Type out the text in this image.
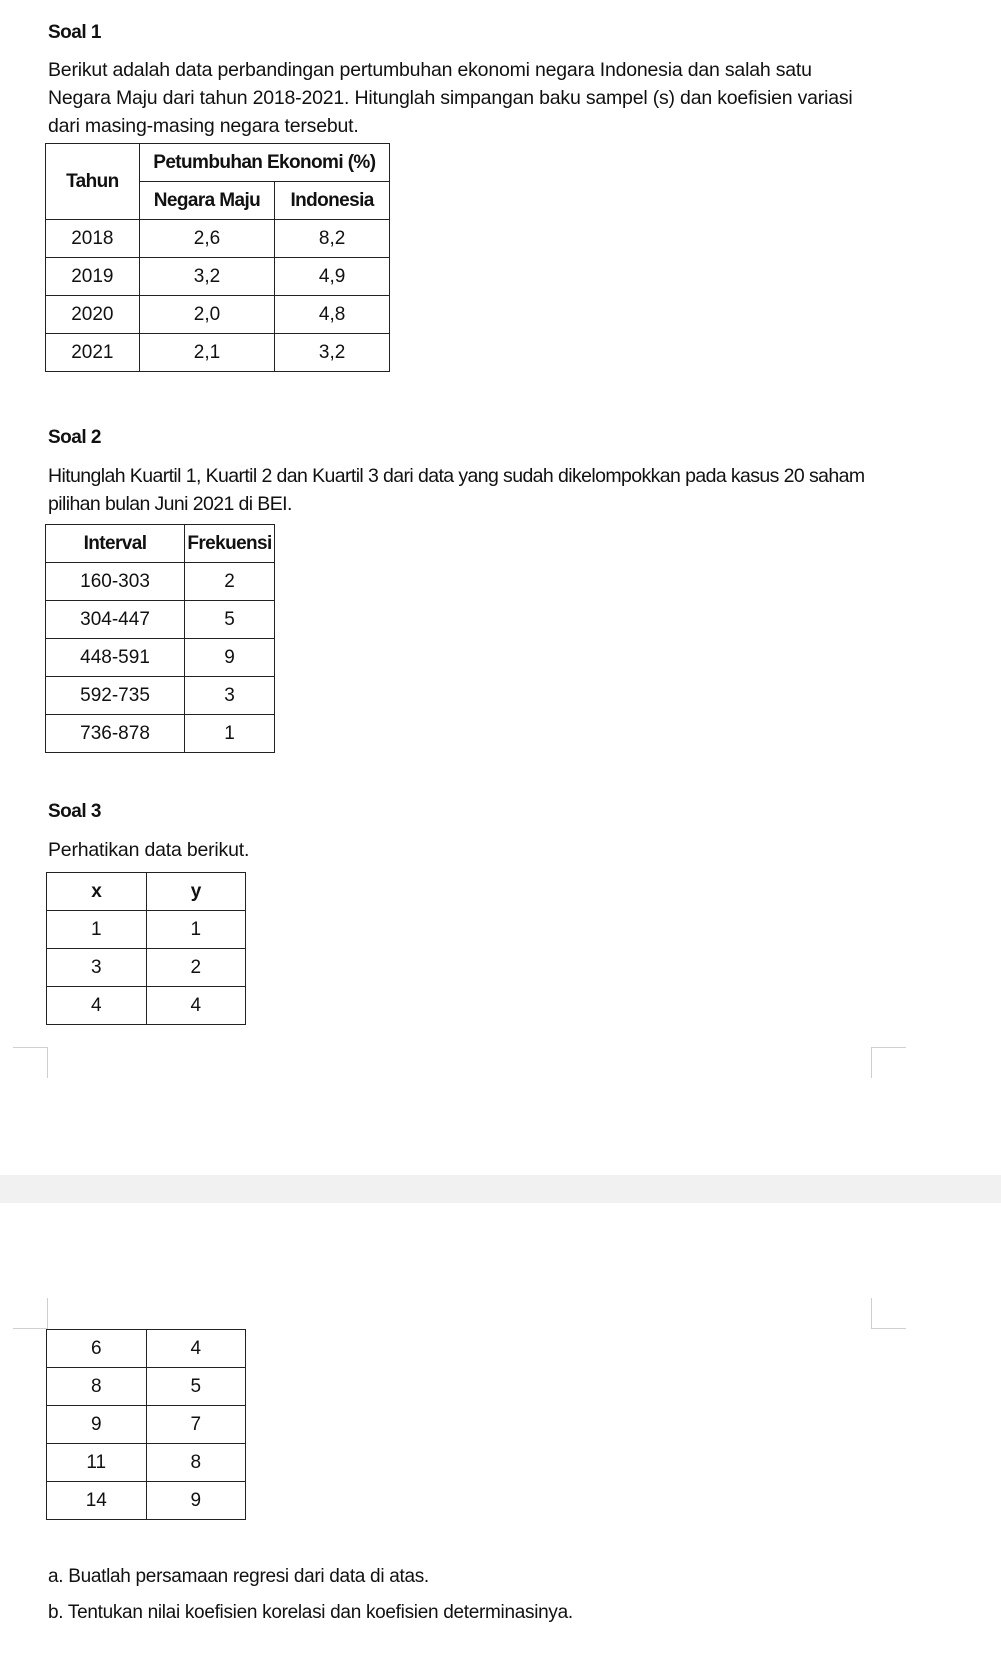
Soal 1
Berikut adalah data perbandingan pertumbuhan ekonomi negara Indonesia dan salah satu Negara Maju dari tahun 2018-2021. Hitunglah simpangan baku sampel (s) dan koefisien variasi dari masing-masing negara tersebut.
Tahun	Petumbuhan Ekonomi (%)	
	Negara Maju	Indonesia
2018	2,6	8,2
2019	3,2	4,9
2020	2,0	4,8
2021	2,1	3,2
Soal 2
Hitunglah Kuartil 1, Kuartil 2 dan Kuartil 3 dari data yang sudah dikelompokkan pada kasus 20 saham pilihan bulan Juni 2021 di BEI.
Interval	Frekuensi
160-303	2
304-447	5
448-591	9
592-735	3
736-878	1
Soal 3
Perhatikan data berikut.
x	y
1	1
3	2
4	4
6	4
8	5
9	7
11	8
14	9
a. Buatlah persamaan regresi dari data di atas.
b. Tentukan nilai koefisien korelasi dan koefisien determinasinya.
